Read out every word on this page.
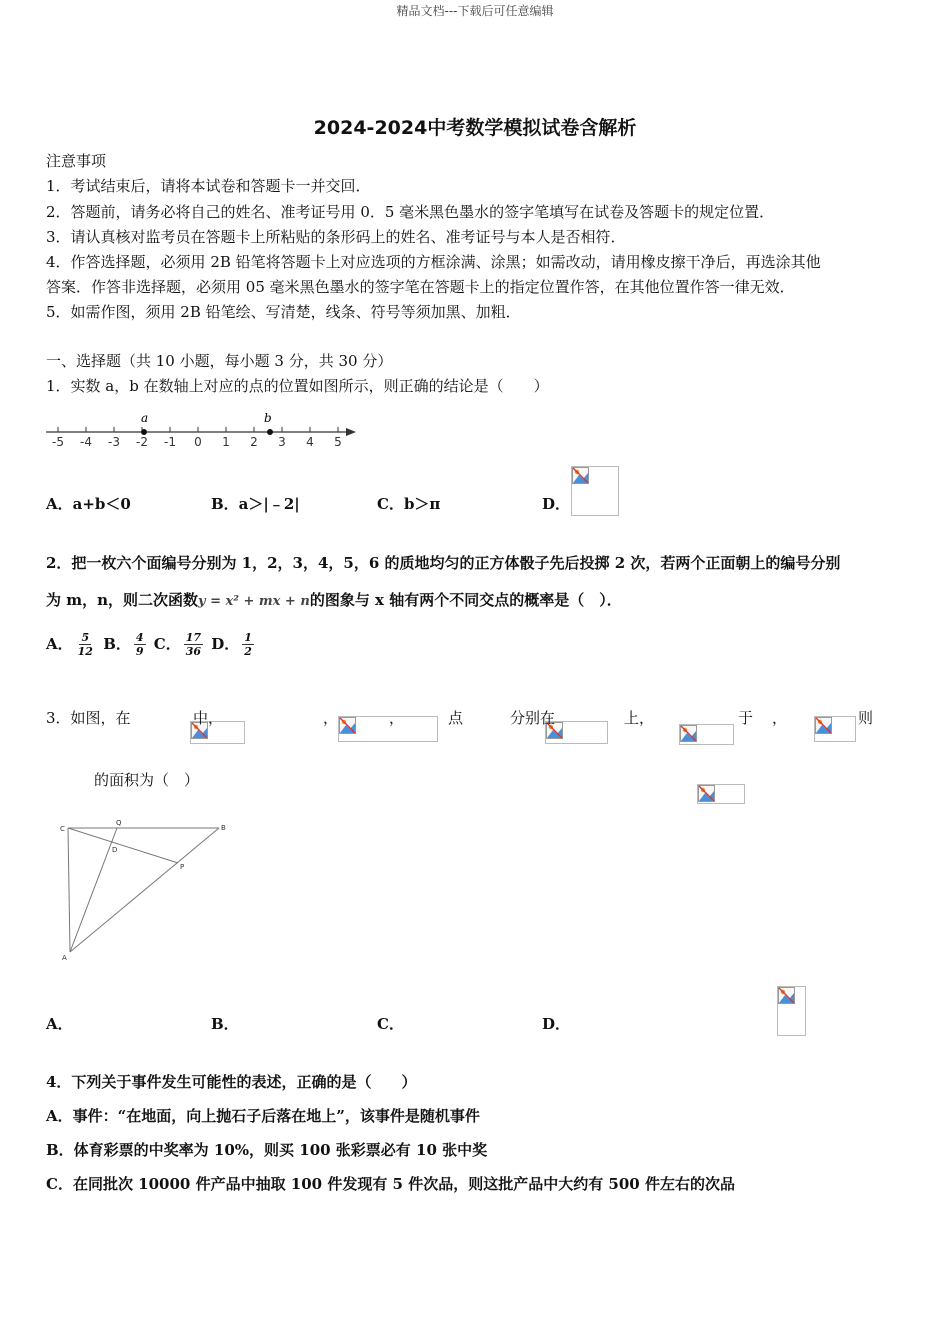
精品文档---下载后可任意编辑
2024-2024中考数学模拟试卷含解析
注意事项
1．考试结束后，请将本试卷和答题卡一并交回．
2．答题前，请务必将自己的姓名、准考证号用 0．5 毫米黑色墨水的签字笔填写在试卷及答题卡的规定位置．
3．请认真核对监考员在答题卡上所粘贴的条形码上的姓名、准考证号与本人是否相符．
4．作答选择题，必须用 2B 铅笔将答题卡上对应选项的方框涂满、涂黑；如需改动，请用橡皮擦干净后，再选涂其他
答案．作答非选择题，必须用 05 毫米黑色墨水的签字笔在答题卡上的指定位置作答，在其他位置作答一律无效．
5．如需作图，须用 2B 铅笔绘、写清楚，线条、符号等须加黑、加粗．
一、选择题（共 10 小题，每小题 3 分，共 30 分）
1．实数 a，b 在数轴上对应的点的位置如图所示，则正确的结论是（　　）
-5 -4 -3 -2 -1 0 1 2 3 4 5
a	b
A．a+b＜0	B．a＞|﹣2|	C．b＞π	D．

2．把一枚六个面编号分别为 1，2，3，4，5，6 的质地均匀的正方体骰子先后投掷 2 次，若两个正面朝上的编号分别
为 m，n，则二次函数y = x² + mx + n的图象与 x 轴有两个不同交点的概率是（　）．
A． $\frac{5}{12}$ B． $\frac{4}{9}$ C． $\frac{17}{36}$ D． $\frac{1}{2}$
3．如图，在
	中，
	，
	，
	点
	分别在
	上，
	于
，
	则

的面积为（　）
C
Q
B
D
P
A
A．
	B．
	C．
	D．
4．下列关于事件发生可能性的表述，正确的是（　　）
A．事件：“在地面，向上抛石子后落在地上”，该事件是随机事件
B．体育彩票的中奖率为 10%，则买 100 张彩票必有 10 张中奖
C．在同批次 10000 件产品中抽取 100 件发现有 5 件次品，则这批产品中大约有 500 件左右的次品
